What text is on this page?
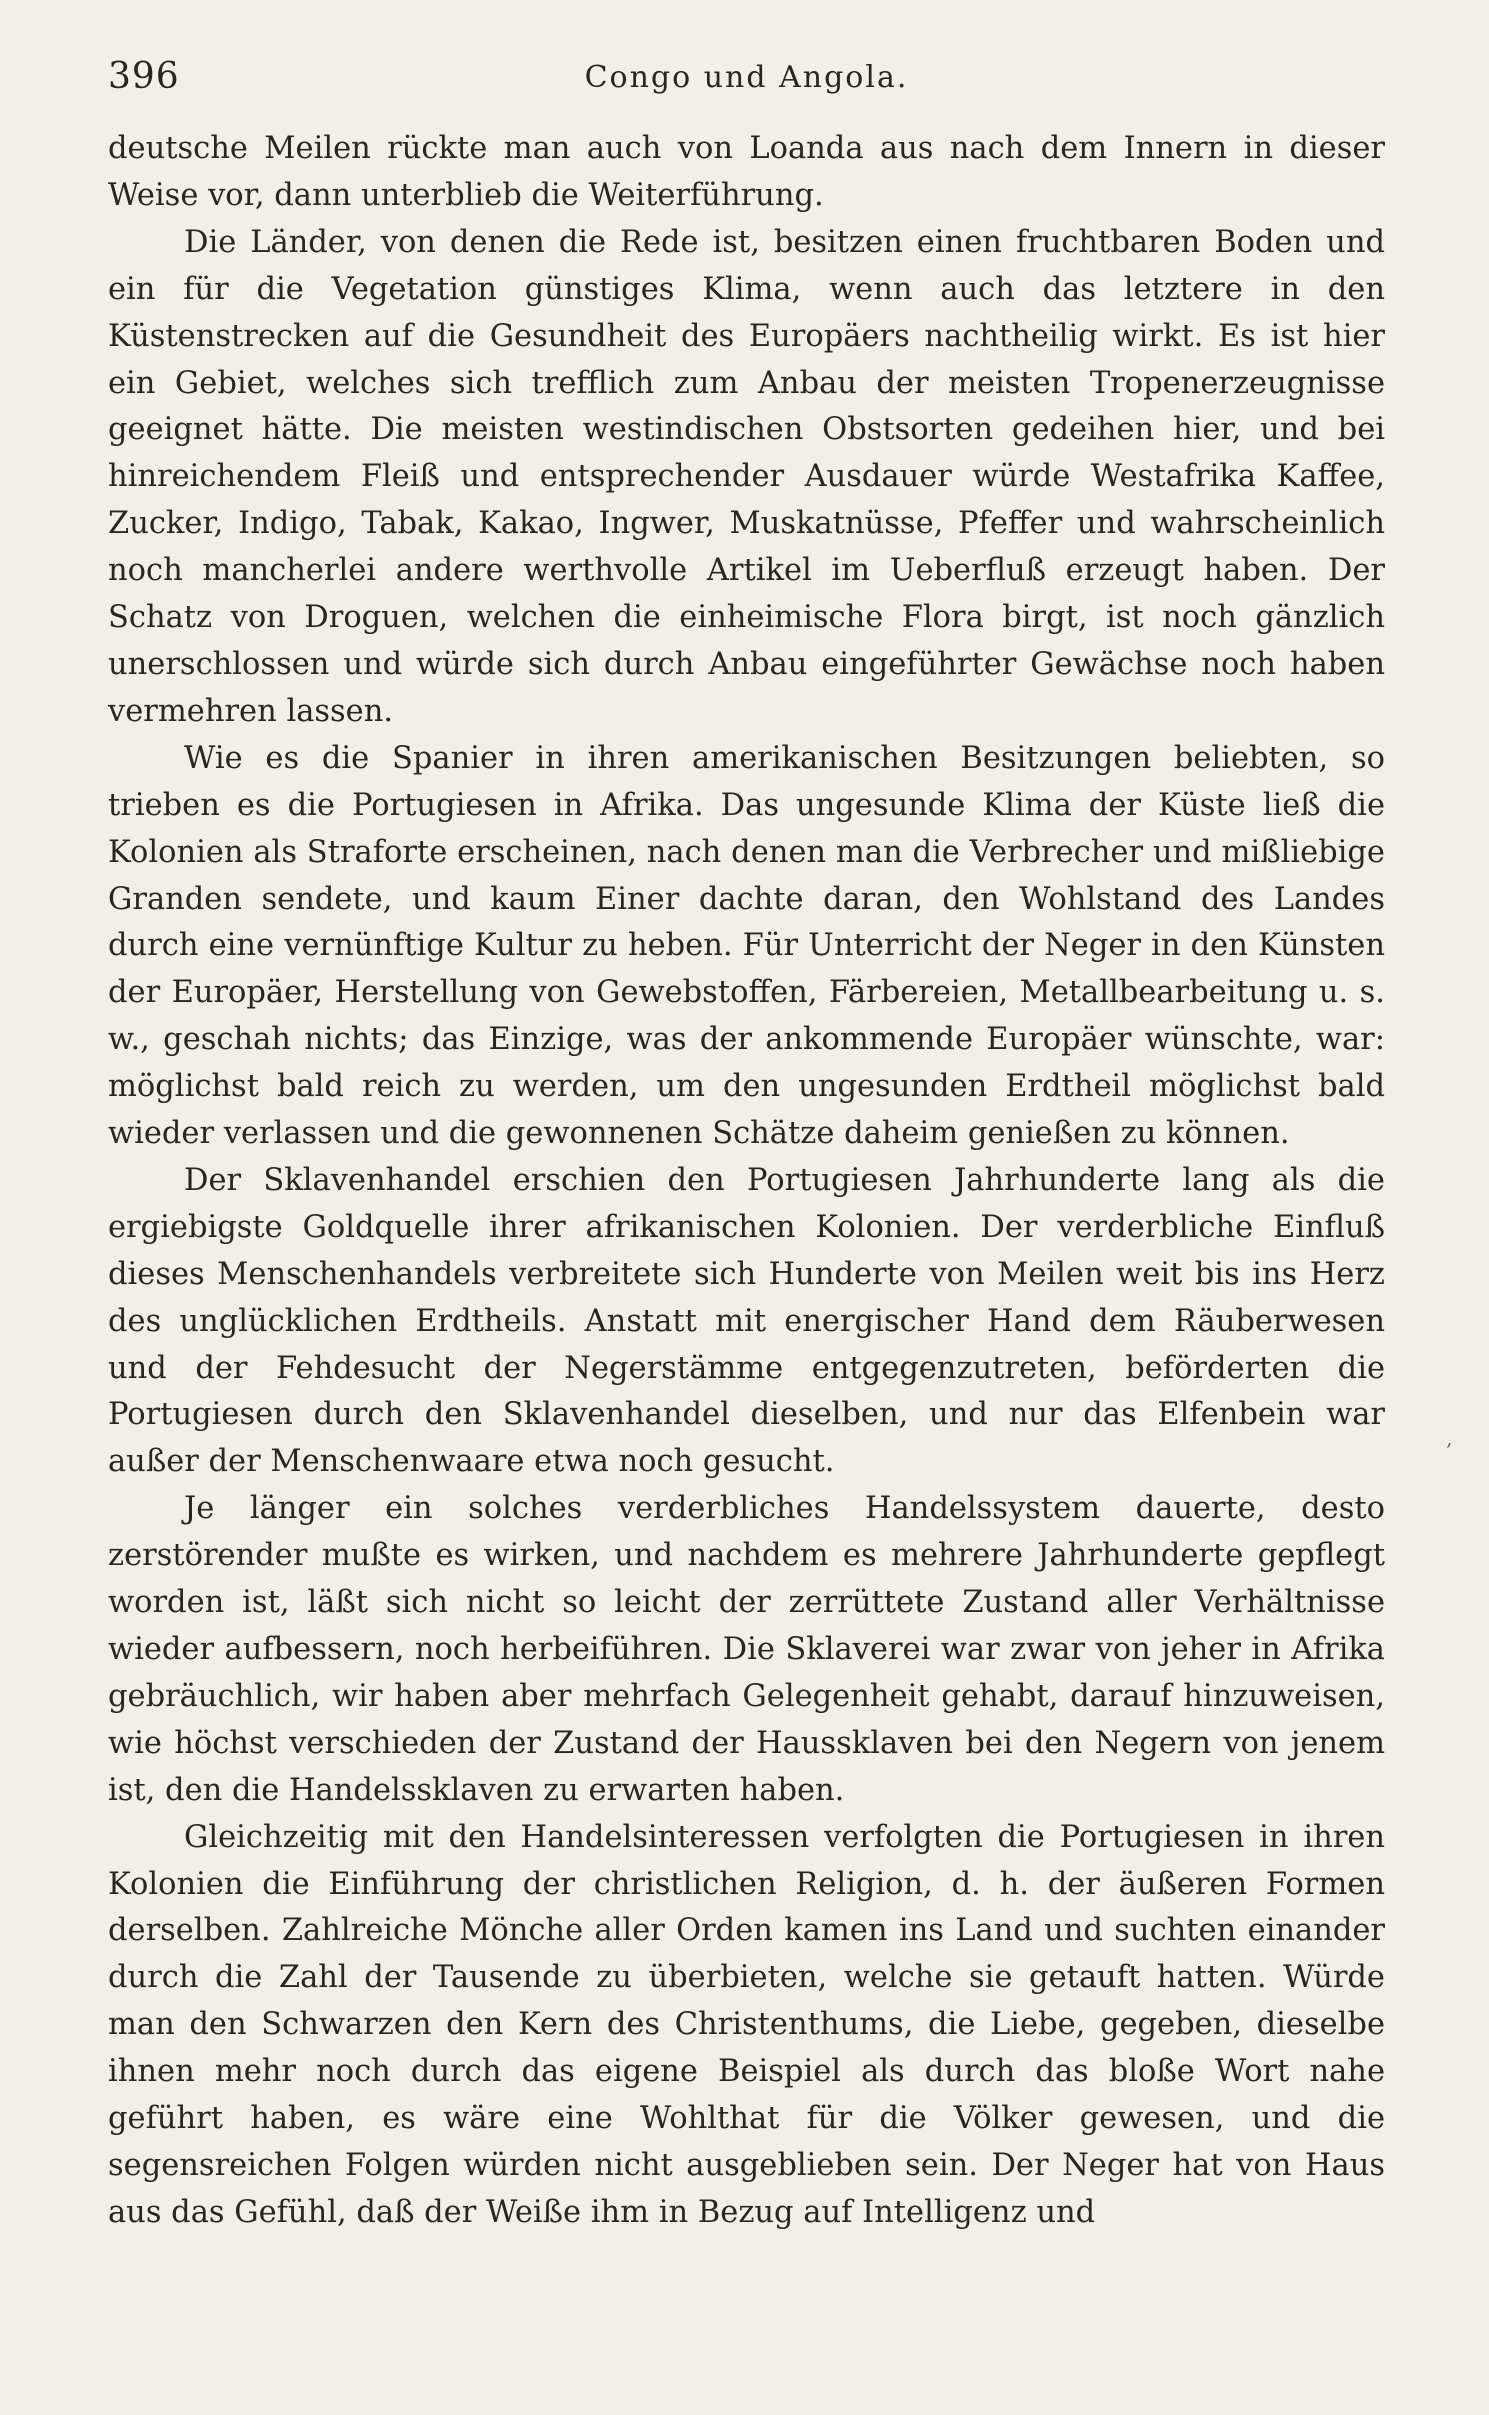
396	Congo und Angola.

deutsche Meilen rückte man auch von Loanda aus nach dem Innern in dieser Weise vor, dann unterblieb die Weiterführung.

Die Länder, von denen die Rede ist, besitzen einen fruchtbaren Boden und ein für die Vegetation günstiges Klima, wenn auch das letztere in den Küstenstrecken auf die Gesundheit des Europäers nachtheilig wirkt. Es ist hier ein Gebiet, welches sich trefflich zum Anbau der meisten Tropenerzeugnisse geeignet hätte. Die meisten westindischen Obstsorten gedeihen hier, und bei hinreichendem Fleiß und entsprechender Ausdauer würde Westafrika Kaffee, Zucker, Indigo, Tabak, Kakao, Ingwer, Muskatnüsse, Pfeffer und wahrscheinlich noch mancherlei andere werthvolle Artikel im Ueberfluß erzeugt haben. Der Schatz von Droguen, welchen die einheimische Flora birgt, ist noch gänzlich unerschlossen und würde sich durch Anbau eingeführter Gewächse noch haben vermehren lassen.

Wie es die Spanier in ihren amerikanischen Besitzungen beliebten, so trieben es die Portugiesen in Afrika. Das ungesunde Klima der Küste ließ die Kolonien als Straforte erscheinen, nach denen man die Verbrecher und mißliebige Granden sendete, und kaum Einer dachte daran, den Wohlstand des Landes durch eine vernünftige Kultur zu heben. Für Unterricht der Neger in den Künsten der Europäer, Herstellung von Gewebstoffen, Färbereien, Metallbearbeitung u. s. w., geschah nichts; das Einzige, was der ankommende Europäer wünschte, war: möglichst bald reich zu werden, um den ungesunden Erdtheil möglichst bald wieder verlassen und die gewonnenen Schätze daheim genießen zu können.

Der Sklavenhandel erschien den Portugiesen Jahrhunderte lang als die ergiebigste Goldquelle ihrer afrikanischen Kolonien. Der verderbliche Einfluß dieses Menschenhandels verbreitete sich Hunderte von Meilen weit bis ins Herz des unglücklichen Erdtheils. Anstatt mit energischer Hand dem Räuberwesen und der Fehdesucht der Negerstämme entgegenzutreten, beförderten die Portugiesen durch den Sklavenhandel dieselben, und nur das Elfenbein war außer der Menschenwaare etwa noch gesucht.

Je länger ein solches verderbliches Handelssystem dauerte, desto zerstörender mußte es wirken, und nachdem es mehrere Jahrhunderte gepflegt worden ist, läßt sich nicht so leicht der zerrüttete Zustand aller Verhältnisse wieder aufbessern, noch herbeiführen. Die Sklaverei war zwar von jeher in Afrika gebräuchlich, wir haben aber mehrfach Gelegenheit gehabt, darauf hinzuweisen, wie höchst verschieden der Zustand der Haussklaven bei den Negern von jenem ist, den die Handelssklaven zu erwarten haben.

Gleichzeitig mit den Handelsinteressen verfolgten die Portugiesen in ihren Kolonien die Einführung der christlichen Religion, d. h. der äußeren Formen derselben. Zahlreiche Mönche aller Orden kamen ins Land und suchten einander durch die Zahl der Tausende zu überbieten, welche sie getauft hatten. Würde man den Schwarzen den Kern des Christenthums, die Liebe, gegeben, dieselbe ihnen mehr noch durch das eigene Beispiel als durch das bloße Wort nahe geführt haben, es wäre eine Wohlthat für die Völker gewesen, und die segensreichen Folgen würden nicht ausgeblieben sein. Der Neger hat von Haus aus das Gefühl, daß der Weiße ihm in Bezug auf Intelligenz und

‚
